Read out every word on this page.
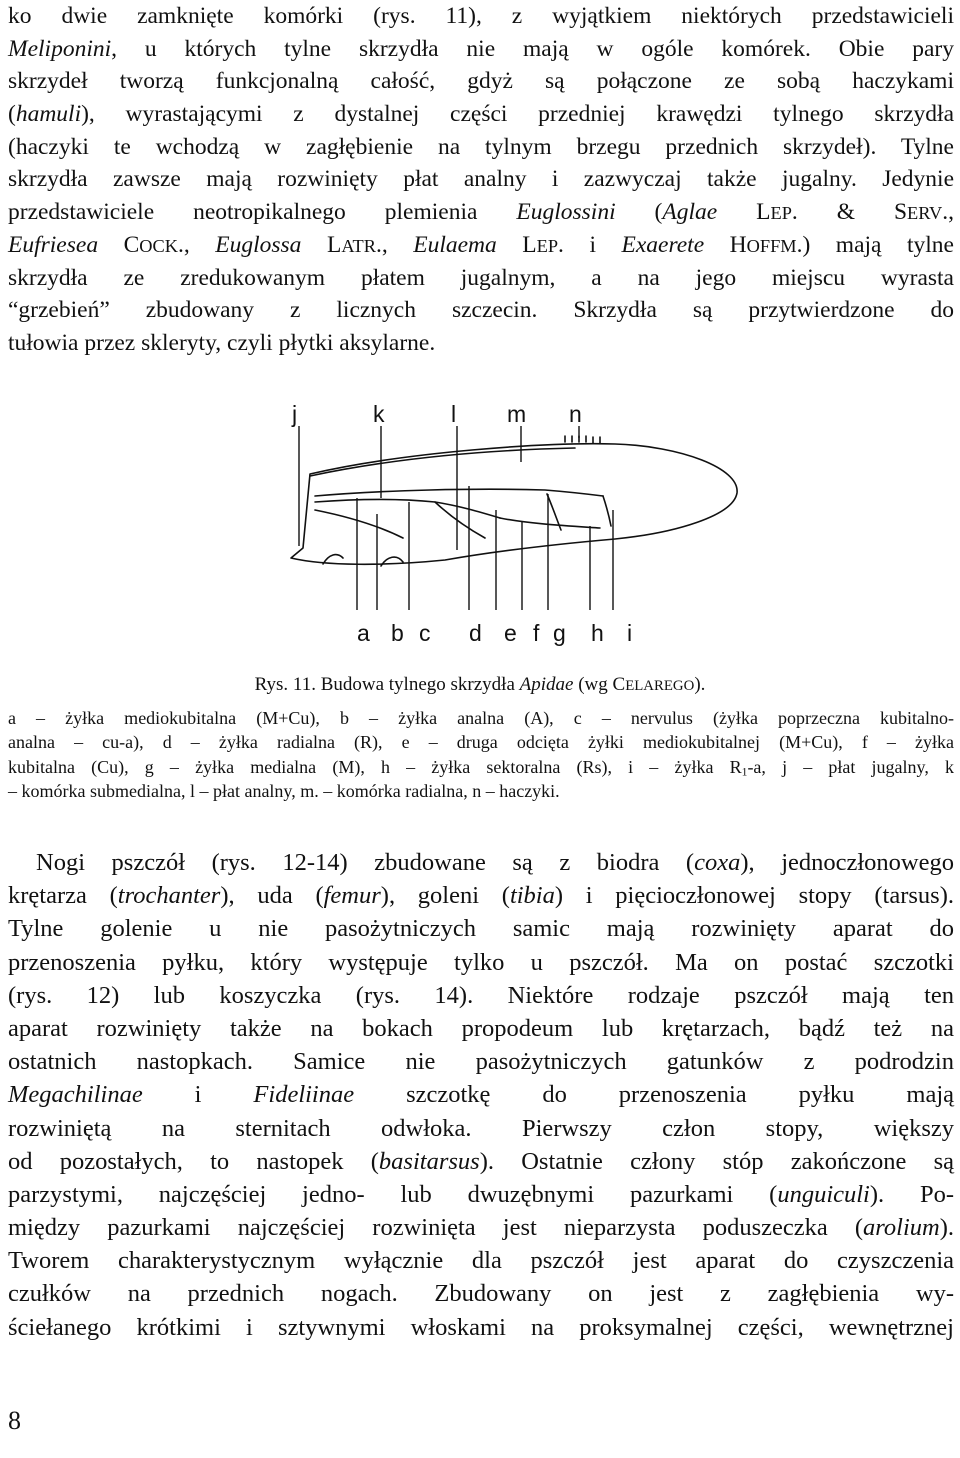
ko dwie zamknięte komórki (rys. 11), z wyjątkiem niektórych przedstawicieli
Meliponini, u których tylne skrzydła nie mają w ogóle komórek. Obie pary
skrzydeł tworzą funkcjonalną całość, gdyż są połączone ze sobą haczykami
(hamuli), wyrastającymi z dystalnej części przedniej krawędzi tylnego skrzydła
(haczyki te wchodzą w zagłębienie na tylnym brzegu przednich skrzydeł). Tylne
skrzydła zawsze mają rozwinięty płat analny i zazwyczaj także jugalny. Jedynie
przedstawiciele neotropikalnego plemienia Euglossini (Aglae LEP. & SERV.,
Eufriesea COCK., Euglossa LATR., Eulaema LEP. i Exaerete HOFFM.) mają tylne
skrzydła ze zredukowanym płatem jugalnym, a na jego miejscu wyrasta
“grzebień” zbudowany z licznych szczecin. Skrzydła są przytwierdzone do
tułowia przez skleryty, czyli płytki aksylarne.
j	k	l m n
a b c d e f g h i

Rys. 11. Budowa tylnego skrzydła Apidae (wg CELAREGO).

a – żyłka mediokubitalna (M+Cu), b – żyłka analna (A), c – nervulus (żyłka poprzeczna kubitalno-
analna – cu-a), d – żyłka radialna (R), e – druga odcięta żyłki mediokubitalnej (M+Cu), f – żyłka
kubitalna (Cu), g – żyłka medialna (M), h – żyłka sektoralna (Rs), i – żyłka $R_1-a$, j – płat jugalny, k
– komórka submedialna, l – płat analny, m. – komórka radialna, n – haczyki.
Nogi pszczół (rys. 12-14) zbudowane są z biodra (coxa), jednoczłonowego
krętarza (trochanter), uda (femur), goleni (tibia) i pięcioczłonowej stopy (tarsus).
Tylne golenie u nie pasożytniczych samic mają rozwinięty aparat do
przenoszenia pyłku, który występuje tylko u pszczół. Ma on postać szczotki
(rys. 12) lub koszyczka (rys. 14). Niektóre rodzaje pszczół mają ten
aparat rozwinięty także na bokach propodeum lub krętarzach, bądź też na
ostatnich nastopkach. Samice nie pasożytniczych gatunków z podrodzin
Megachilinae i Fideliinae szczotkę do przenoszenia pyłku mają
rozwiniętą na sternitach odwłoka. Pierwszy człon stopy, większy
od pozostałych, to nastopek (basitarsus). Ostatnie człony stóp zakończone są
parzystymi, najczęściej jedno- lub dwuzębnymi pazurkami (unguiculi). Po-
między pazurkami najczęściej rozwinięta jest nieparzysta poduszeczka (arolium).
Tworem charakterystycznym wyłącznie dla pszczół jest aparat do czyszczenia
czułków na przednich nogach. Zbudowany on jest z zagłębienia wy-
ściełanego krótkimi i sztywnymi włoskami na proksymalnej części, wewnętrznej

8
